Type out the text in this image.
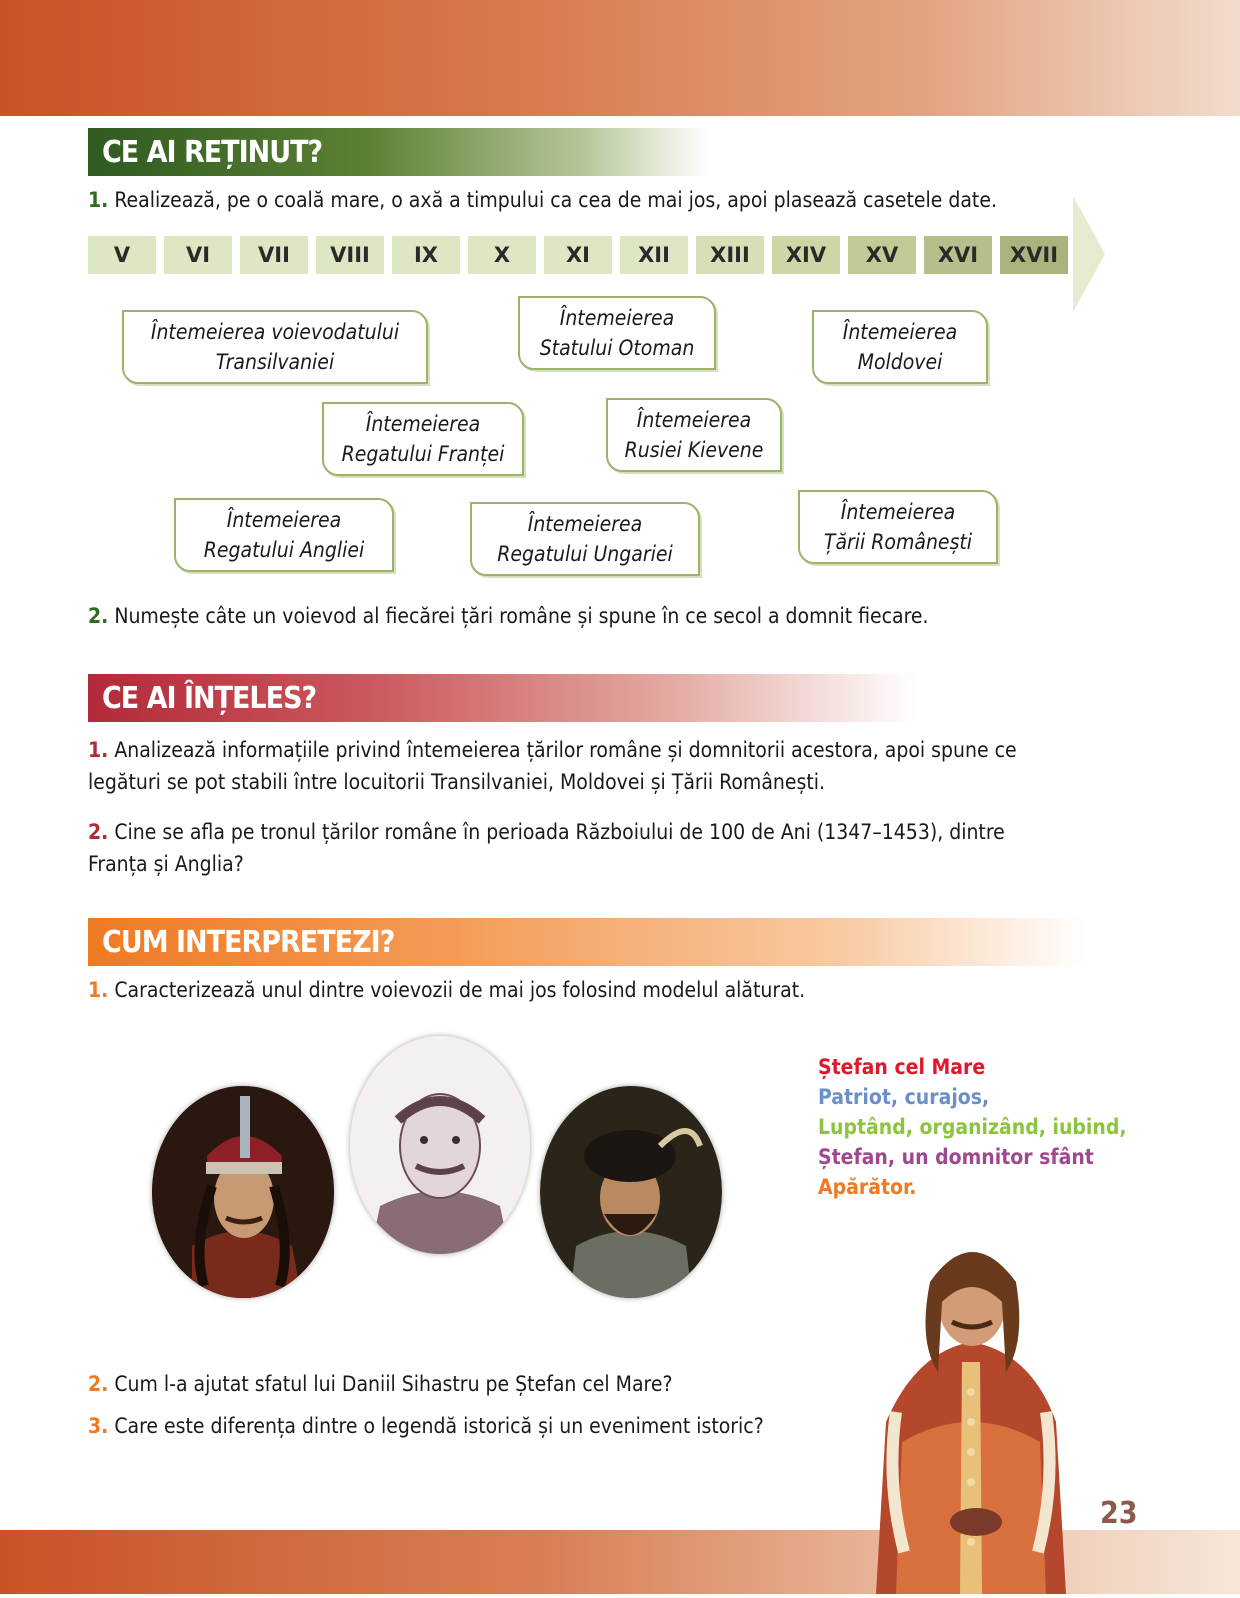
CE AI REȚINUT?
1. Realizează, pe o coală mare, o axă a timpului ca cea de mai jos, apoi plasează casetele date.
V	VI	VII	VIII	IX	X	XI	XII	XIII	XIV	XV	XVI	XVII
Întemeierea voievodatului
Transilvaniei
Întemeierea
Statului Otoman
Întemeierea
Moldovei
Întemeierea
Regatului Franței
Întemeierea
Rusiei Kievene
Întemeierea
Regatului Angliei
Întemeierea
Regatului Ungariei
Întemeierea
Țării Românești
2. Numește câte un voievod al fiecărei țări române și spune în ce secol a domnit fiecare.
CE AI ÎNȚELES?
1. Analizează informațiile privind întemeierea țărilor române și domnitorii acestora, apoi spune ce
legături se pot stabili între locuitorii Transilvaniei, Moldovei și Țării Românești.
2. Cine se afla pe tronul țărilor române în perioada Războiului de 100 de Ani (1347–1453), dintre
Franța și Anglia?
CUM INTERPRETEZI?
1. Caracterizează unul dintre voievozii de mai jos folosind modelul alăturat.
Ștefan cel Mare
Patriot, curajos,
Luptând, organizând, iubind,
Ștefan, un domnitor sfânt
Apărător.
2. Cum l-a ajutat sfatul lui Daniil Sihastru pe Ștefan cel Mare?
3. Care este diferența dintre o legendă istorică și un eveniment istoric?
23
